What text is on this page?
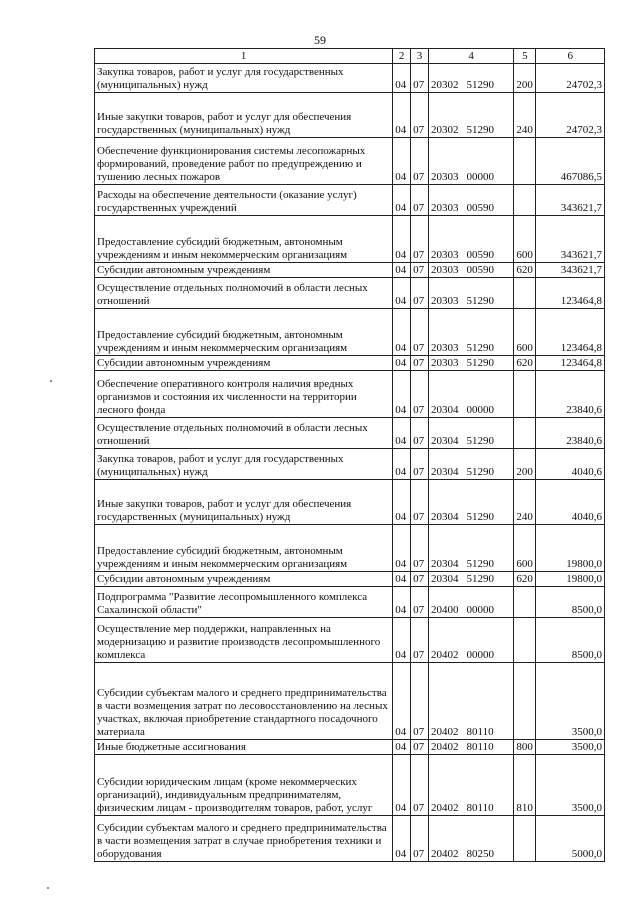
59
1	2	3	4	5	6
Закупка товаров, работ и услуг для государственных (муниципальных) нужд	04	07	20302 51290	200	24702,3
Иные закупки товаров, работ и услуг для обеспечения государственных (муниципальных) нужд	04	07	20302 51290	240	24702,3
Обеспечение функционирования системы лесопожарных формирований, проведение работ по предупреждению и тушению лесных пожаров	04	07	20303 00000		467086,5
Расходы на обеспечение деятельности (оказание услуг) государственных учреждений	04	07	20303 00590		343621,7
Предоставление субсидий бюджетным, автономным учреждениям и иным некоммерческим организациям	04	07	20303 00590	600	343621,7
Субсидии автономным учреждениям	04	07	20303 00590	620	343621,7
Осуществление отдельных полномочий в области лесных отношений	04	07	20303 51290		123464,8
Предоставление субсидий бюджетным, автономным учреждениям и иным некоммерческим организациям	04	07	20303 51290	600	123464,8
Субсидии автономным учреждениям	04	07	20303 51290	620	123464,8
Обеспечение оперативного контроля наличия вредных организмов и состояния их численности на территории лесного фонда	04	07	20304 00000		23840,6
Осуществление отдельных полномочий в области лесных отношений	04	07	20304 51290		23840,6
Закупка товаров, работ и услуг для государственных (муниципальных) нужд	04	07	20304 51290	200	4040,6
Иные закупки товаров, работ и услуг для обеспечения государственных (муниципальных) нужд	04	07	20304 51290	240	4040,6
Предоставление субсидий бюджетным, автономным учреждениям и иным некоммерческим организациям	04	07	20304 51290	600	19800,0
Субсидии автономным учреждениям	04	07	20304 51290	620	19800,0
Подпрограмма "Развитие лесопромышленного комплекса Сахалинской области"	04	07	20400 00000		8500,0
Осуществление мер поддержки, направленных на модернизацию и развитие производств лесопромышленного комплекса	04	07	20402 00000		8500,0
Субсидии субъектам малого и среднего предпринимательства в части возмещения затрат по лесовосстановлению на лесных участках, включая приобретение стандартного посадочного материала	04	07	20402 80110		3500,0
Иные бюджетные ассигнования	04	07	20402 80110	800	3500,0
Субсидии юридическим лицам (кроме некоммерческих организаций), индивидуальным предпринимателям, физическим лицам - производителям товаров, работ, услуг	04	07	20402 80110	810	3500,0
Субсидии субъектам малого и среднего предпринимательства в части возмещения затрат в случае приобретения техники и оборудования	04	07	20402 80250		5000,0
